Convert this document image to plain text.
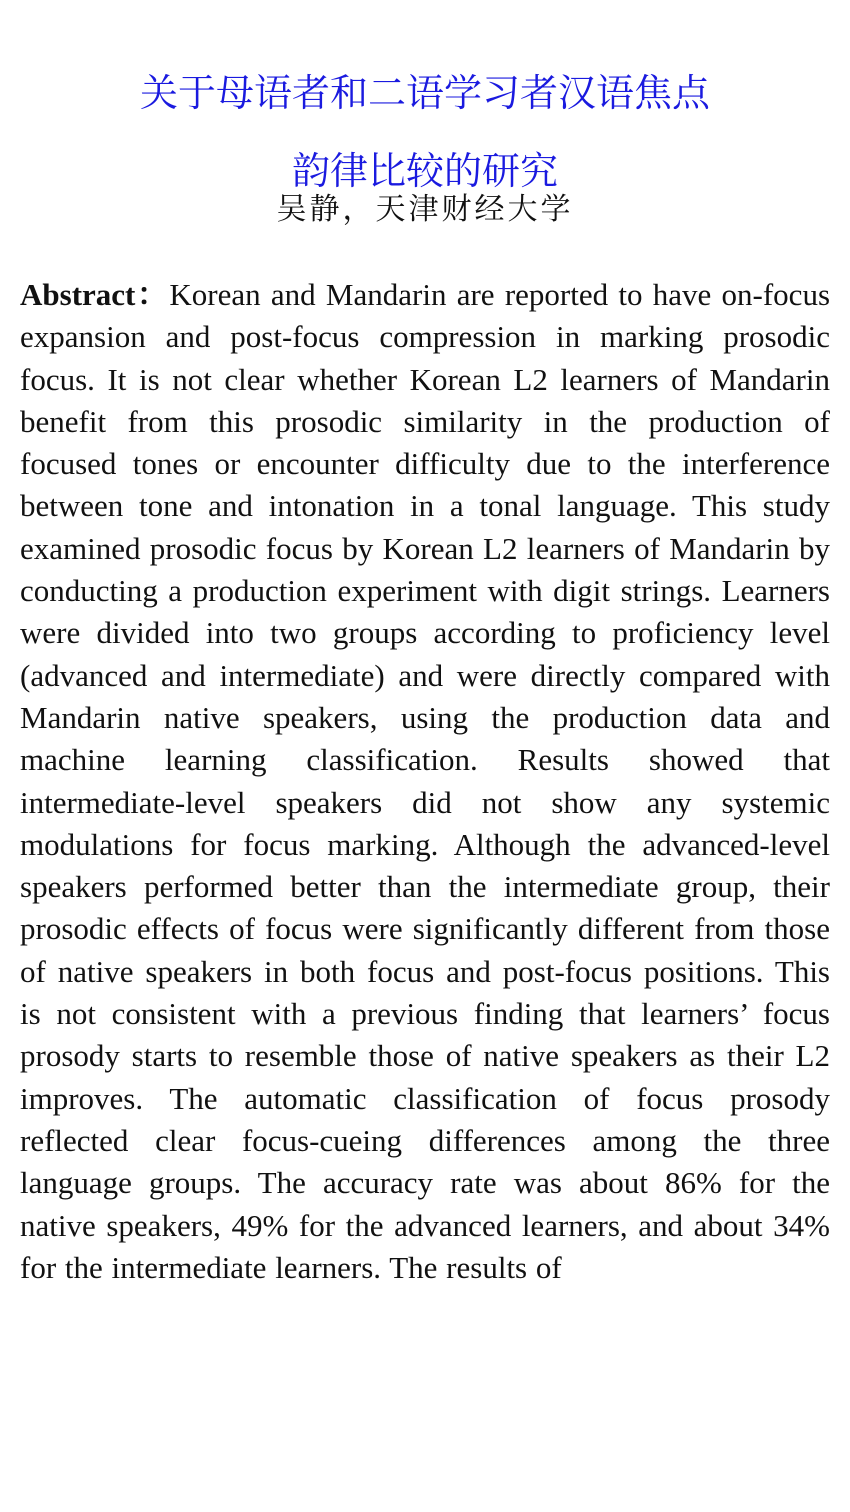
关于母语者和二语学习者汉语焦点
韵律比较的研究
吴静，天津财经大学

Abstract：Korean and Mandarin are reported to have on-focus expansion and post-focus compression in marking prosodic focus. It is not clear whether Korean L2 learners of Mandarin benefit from this prosodic similarity in the production of focused tones or encounter difficulty due to the interference between tone and intonation in a tonal language. This study examined prosodic focus by Korean L2 learners of Mandarin by conducting a production experiment with digit strings. Learners were divided into two groups according to proficiency level (advanced and intermediate) and were directly compared with Mandarin native speakers, using the production data and machine learning classification. Results showed that intermediate-level speakers did not show any systemic modulations for focus marking. Although the advanced-level speakers performed better than the intermediate group, their prosodic effects of focus were significantly different from those of native speakers in both focus and post-focus positions. This is not consistent with a previous finding that learners’ focus prosody starts to resemble those of native speakers as their L2 improves. The automatic classification of focus prosody reflected clear focus-cueing differences among the three language groups. The accuracy rate was about 86% for the native speakers, 49% for the advanced learners, and about 34% for the intermediate learners. The results of
